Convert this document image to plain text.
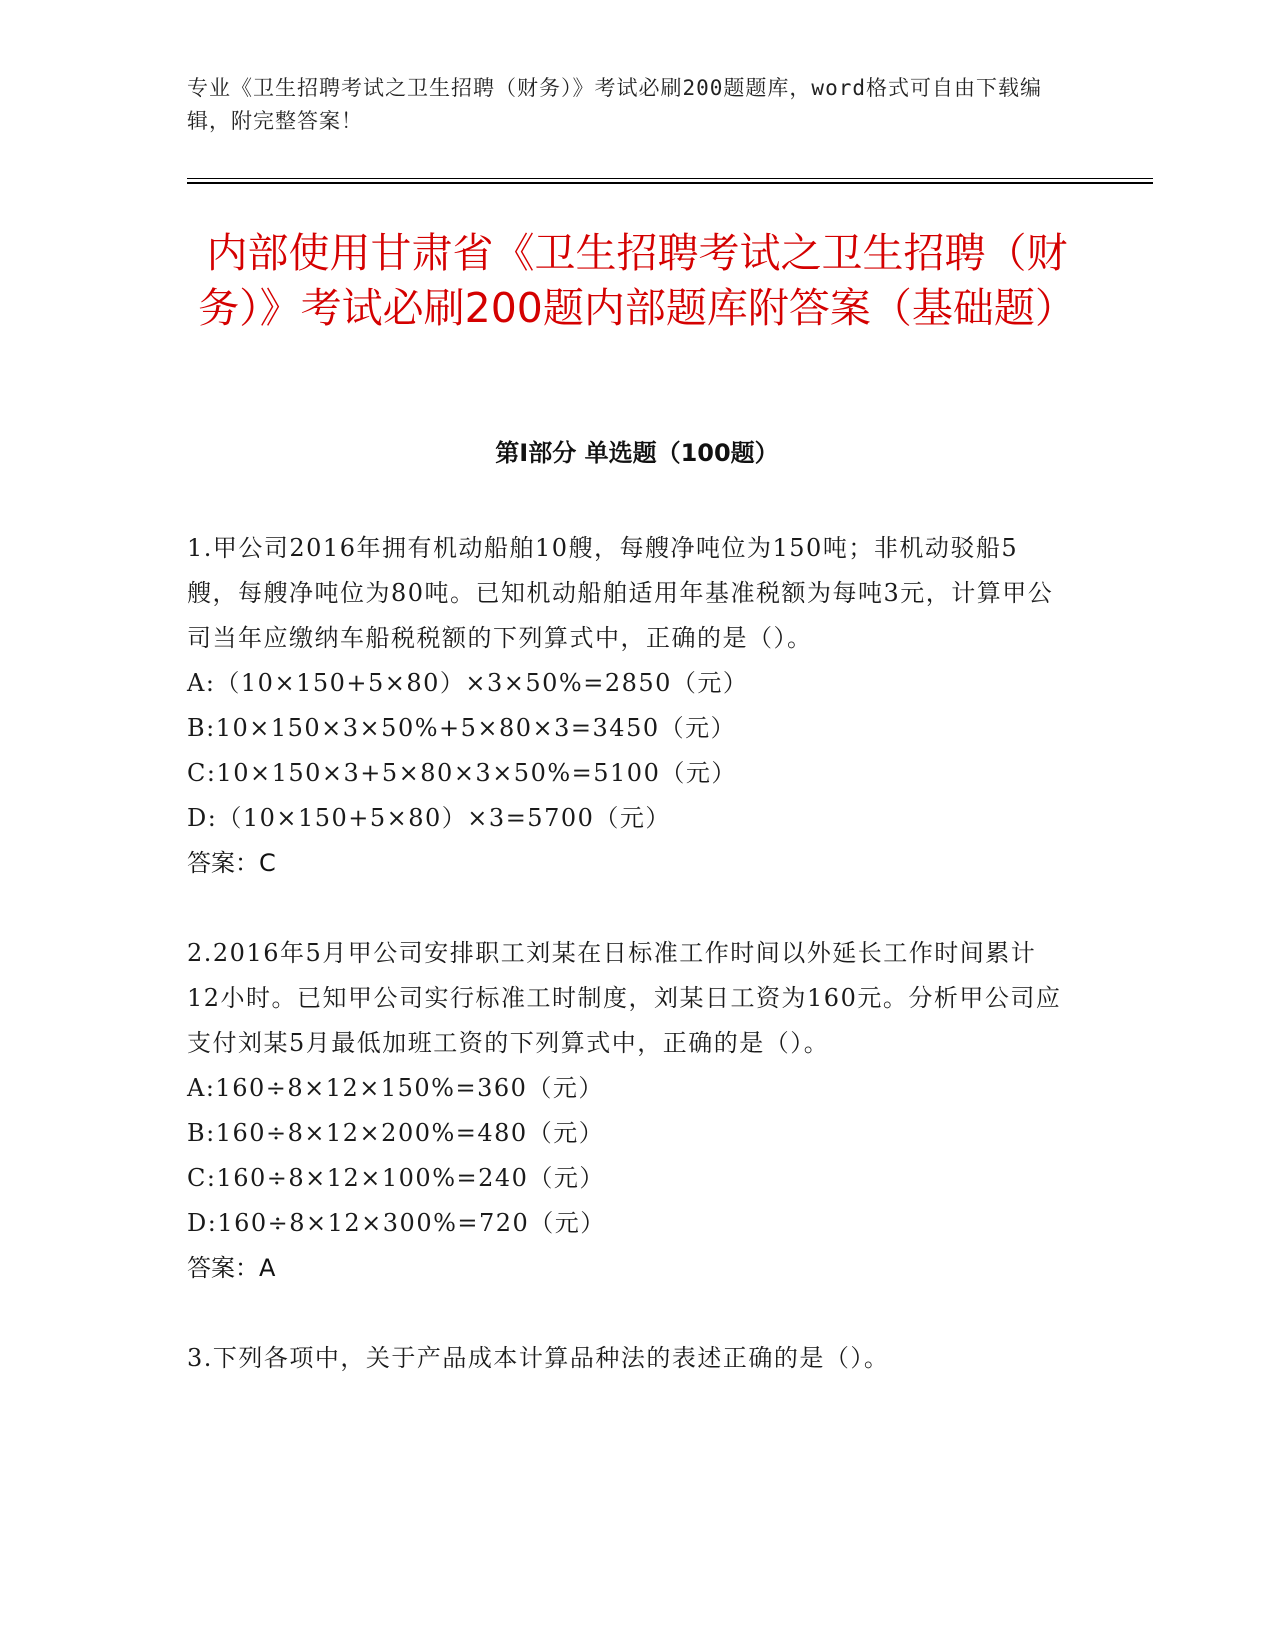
专业《卫生招聘考试之卫生招聘（财务）》考试必刷200题题库，word格式可自由下载编辑，附完整答案！
内部使用甘肃省《卫生招聘考试之卫生招聘（财务）》考试必刷200题内部题库附答案（基础题）
第Ⅰ部分 单选题（100题）
1.甲公司2016年拥有机动船舶10艘，每艘净吨位为150吨；非机动驳船5艘，每艘净吨位为80吨。已知机动船舶适用年基准税额为每吨3元，计算甲公司当年应缴纳车船税税额的下列算式中，正确的是（）。
A:（10×150+5×80）×3×50%=2850（元）
B:10×150×3×50%+5×80×3=3450（元）
C:10×150×3+5×80×3×50%=5100（元）
D:（10×150+5×80）×3=5700（元）
答案：C
2.2016年5月甲公司安排职工刘某在日标准工作时间以外延长工作时间累计12小时。已知甲公司实行标准工时制度，刘某日工资为160元。分析甲公司应支付刘某5月最低加班工资的下列算式中，正确的是（）。
A:160÷8×12×150%=360（元）
B:160÷8×12×200%=480（元）
C:160÷8×12×100%=240（元）
D:160÷8×12×300%=720（元）
答案：A
3.下列各项中，关于产品成本计算品种法的表述正确的是（）。
